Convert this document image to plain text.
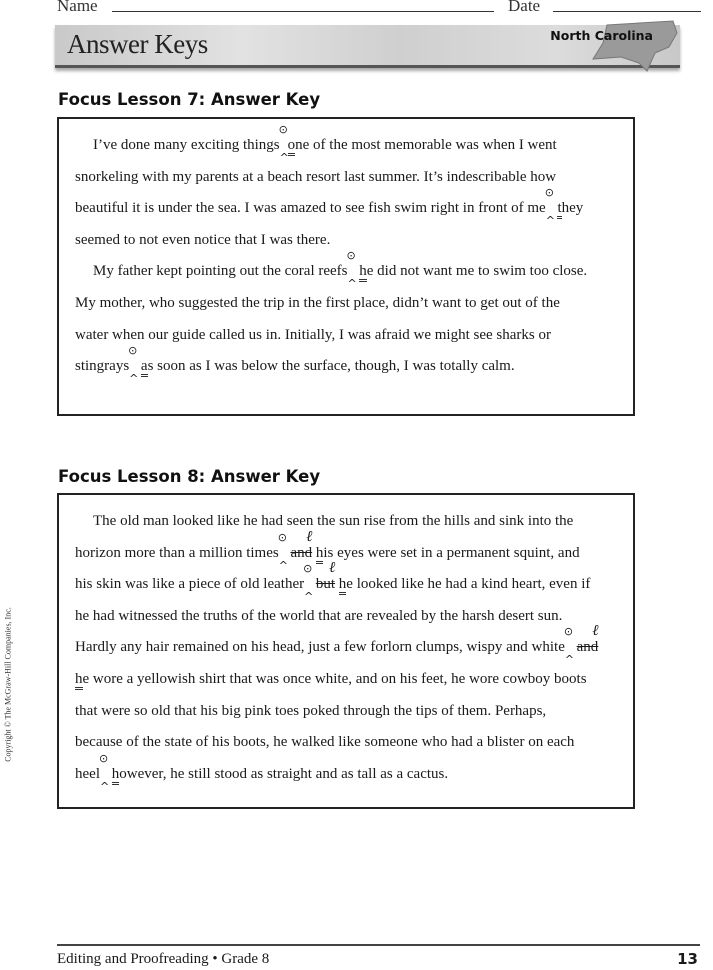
Name	Date
Answer Keys	North Carolina
Focus Lesson 7: Answer Key
Focus Lesson 8: Answer Key
Copyright © The McGraw-Hill Companies, Inc.
Editing and Proofreading • Grade 8	13
I’ve done many exciting things
⊙
^
one of the most memorable was when I went
snorkeling with my parents at a beach resort last summer. It’s indescribable how
beautiful it is under the sea. I was amazed to see fish swim right in front of me
⊙
^
they
seemed to not even notice that I was there.
My father kept pointing out the coral reefs
⊙
^
he did not want me to swim too close.
My mother, who suggested the trip in the first place, didn’t want to get out of the
water when our guide called us in. Initially, I was afraid we might see sharks or
stingrays
⊙
^
as soon as I was below the surface, though, I was totally calm.
The old man looked like he had seen the sun rise from the hills and sink into the
horizon more than a million times
⊙
^
and
ℓ
his eyes were set in a permanent squint, and
his skin was like a piece of old leather
⊙
^
but
ℓ
he looked like he had a kind heart, even if
he had witnessed the truths of the world that are revealed by the harsh desert sun.
Hardly any hair remained on his head, just a few forlorn clumps, wispy and white
⊙
^
and
ℓ
he wore a yellowish shirt that was once white, and on his feet, he wore cowboy boots
that were so old that his big pink toes poked through the tips of them. Perhaps,
because of the state of his boots, he walked like someone who had a blister on each
heel
⊙
^
however, he still stood as straight and as tall as a cactus.
